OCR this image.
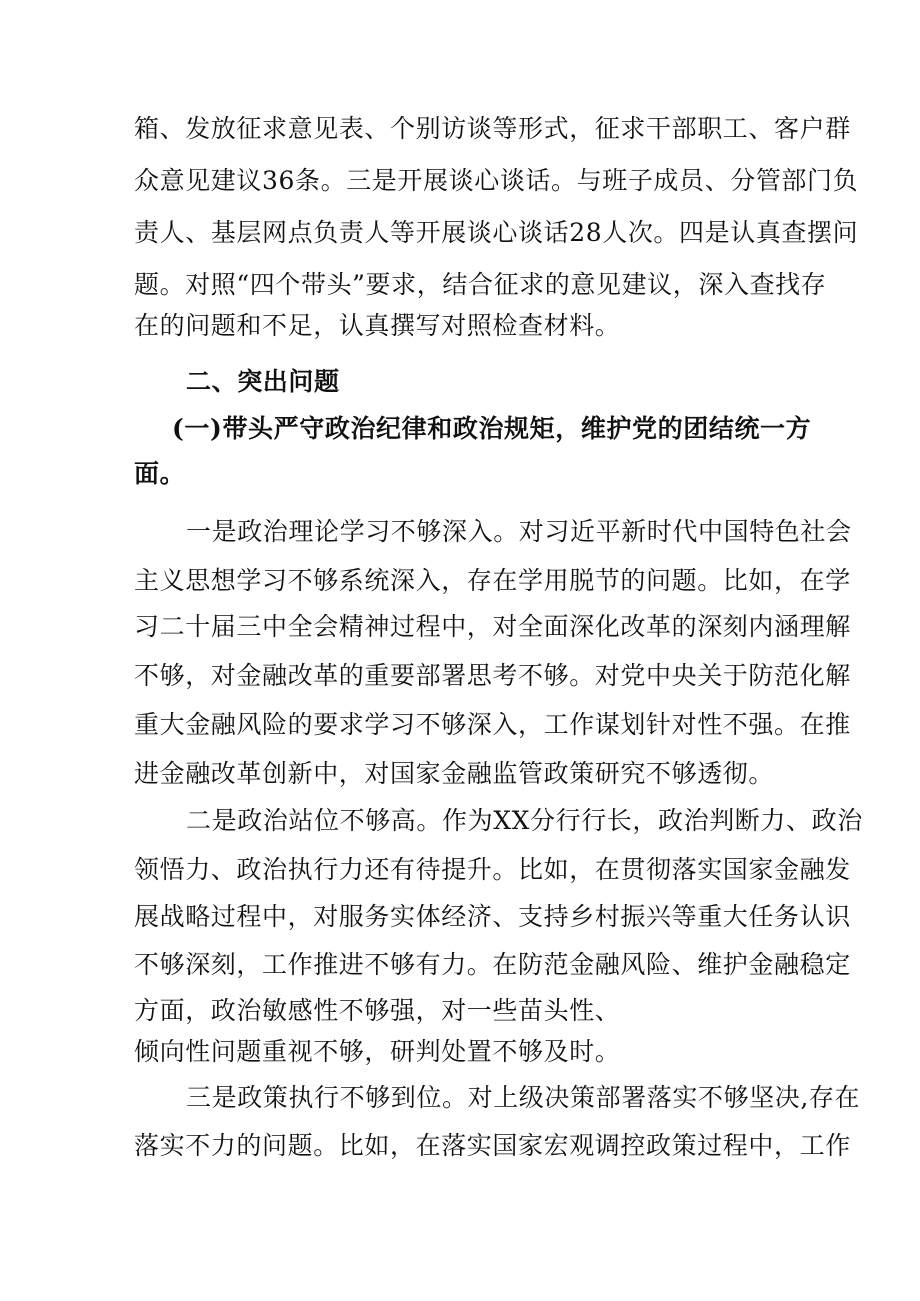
箱、发放征求意见表、个别访谈等形式，征求干部职工、客户群
众意见建议36条。三是开展谈心谈话。与班子成员、分管部门负
责人、基层网点负责人等开展谈心谈话28人次。四是认真查摆问
题。对照“四个带头”要求，结合征求的意见建议，深入查找存
在的问题和不足，认真撰写对照检查材料。
二、突出问题
(一)带头严守政治纪律和政治规矩，维护党的团结统一方
面。
一是政治理论学习不够深入。对习近平新时代中国特色社会
主义思想学习不够系统深入，存在学用脱节的问题。比如，在学
习二十届三中全会精神过程中，对全面深化改革的深刻内涵理解
不够，对金融改革的重要部署思考不够。对党中央关于防范化解
重大金融风险的要求学习不够深入，工作谋划针对性不强。在推
进金融改革创新中，对国家金融监管政策研究不够透彻。
二是政治站位不够高。作为XX分行行长，政治判断力、政治
领悟力、政治执行力还有待提升。比如，在贯彻落实国家金融发
展战略过程中，对服务实体经济、支持乡村振兴等重大任务认识
不够深刻，工作推进不够有力。在防范金融风险、维护金融稳定
方面，政治敏感性不够强，对一些苗头性、
倾向性问题重视不够，研判处置不够及时。
三是政策执行不够到位。对上级决策部署落实不够坚决,存在
落实不力的问题。比如，在落实国家宏观调控政策过程中，工作
